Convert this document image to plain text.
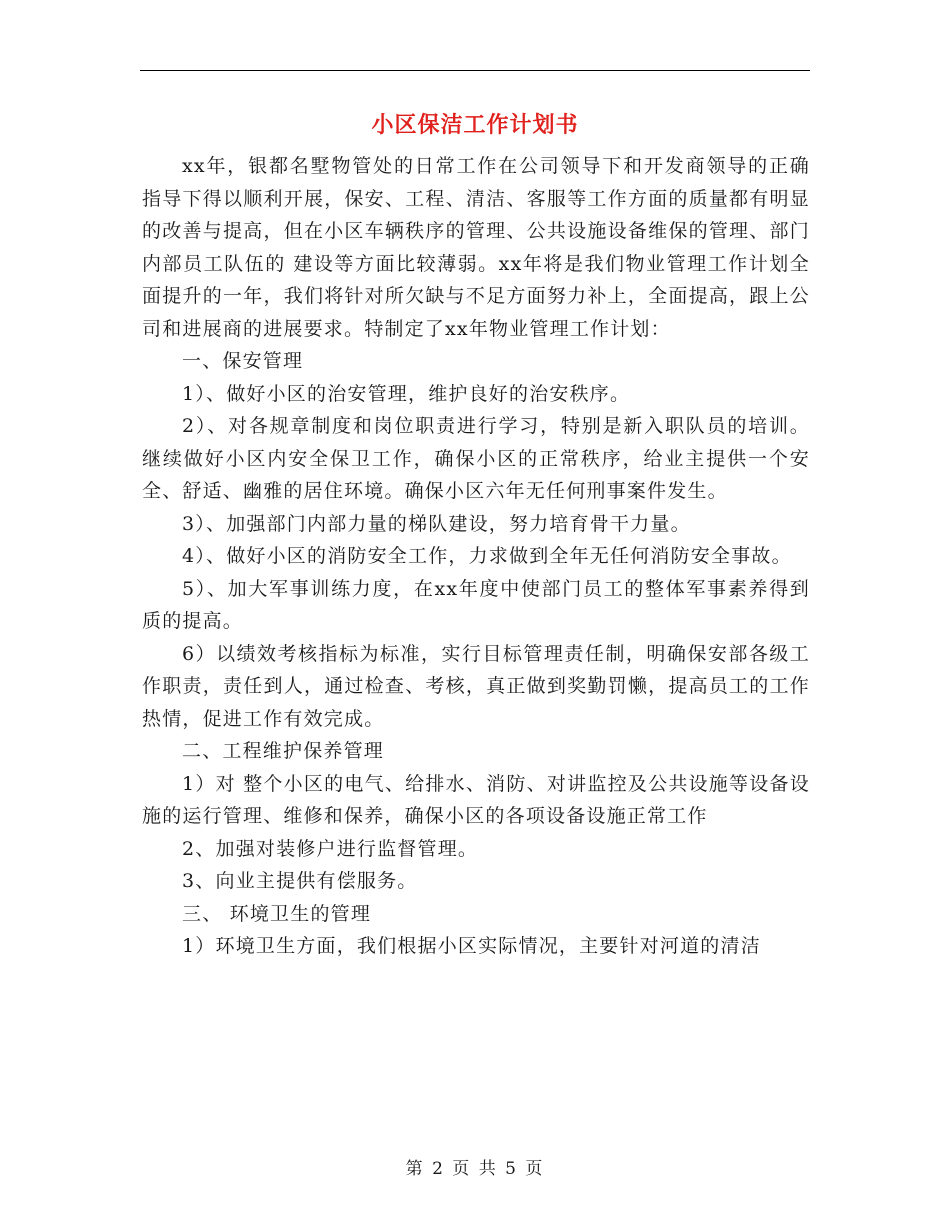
小区保洁工作计划书

xx年，银都名墅物管处的日常工作在公司领导下和开发商领导的正确指导下得以顺利开展，保安、工程、清洁、客服等工作方面的质量都有明显的改善与提高，但在小区车辆秩序的管理、公共设施设备维保的管理、部门内部员工队伍的 建设等方面比较薄弱。xx年将是我们物业管理工作计划全面提升的一年，我们将针对所欠缺与不足方面努力补上，全面提高，跟上公司和进展商的进展要求。特制定了xx年物业管理工作计划：

一、保安管理

1）、做好小区的治安管理，维护良好的治安秩序。

2）、对各规章制度和岗位职责进行学习，特别是新入职队员的培训。 继续做好小区内安全保卫工作，确保小区的正常秩序，给业主提供一个安全、舒适、幽雅的居住环境。确保小区六年无任何刑事案件发生。

3）、加强部门内部力量的梯队建设，努力培育骨干力量。

4）、做好小区的消防安全工作，力求做到全年无任何消防安全事故。

5）、加大军事训练力度，在xx年度中使部门员工的整体军事素养得到质的提高。

6）以绩效考核指标为标准，实行目标管理责任制，明确保安部各级工作职责，责任到人，通过检查、考核，真正做到奖勤罚懒，提高员工的工作热情，促进工作有效完成。

二、工程维护保养管理

1）对 整个小区的电气、给排水、消防、对讲监控及公共设施等设备设施的运行管理、维修和保养，确保小区的各项设备设施正常工作

2、加强对装修户进行监督管理。

3、向业主提供有偿服务。

三、 环境卫生的管理

1）环境卫生方面，我们根据小区实际情况，主要针对河道的清洁

第 2 页 共 5 页
